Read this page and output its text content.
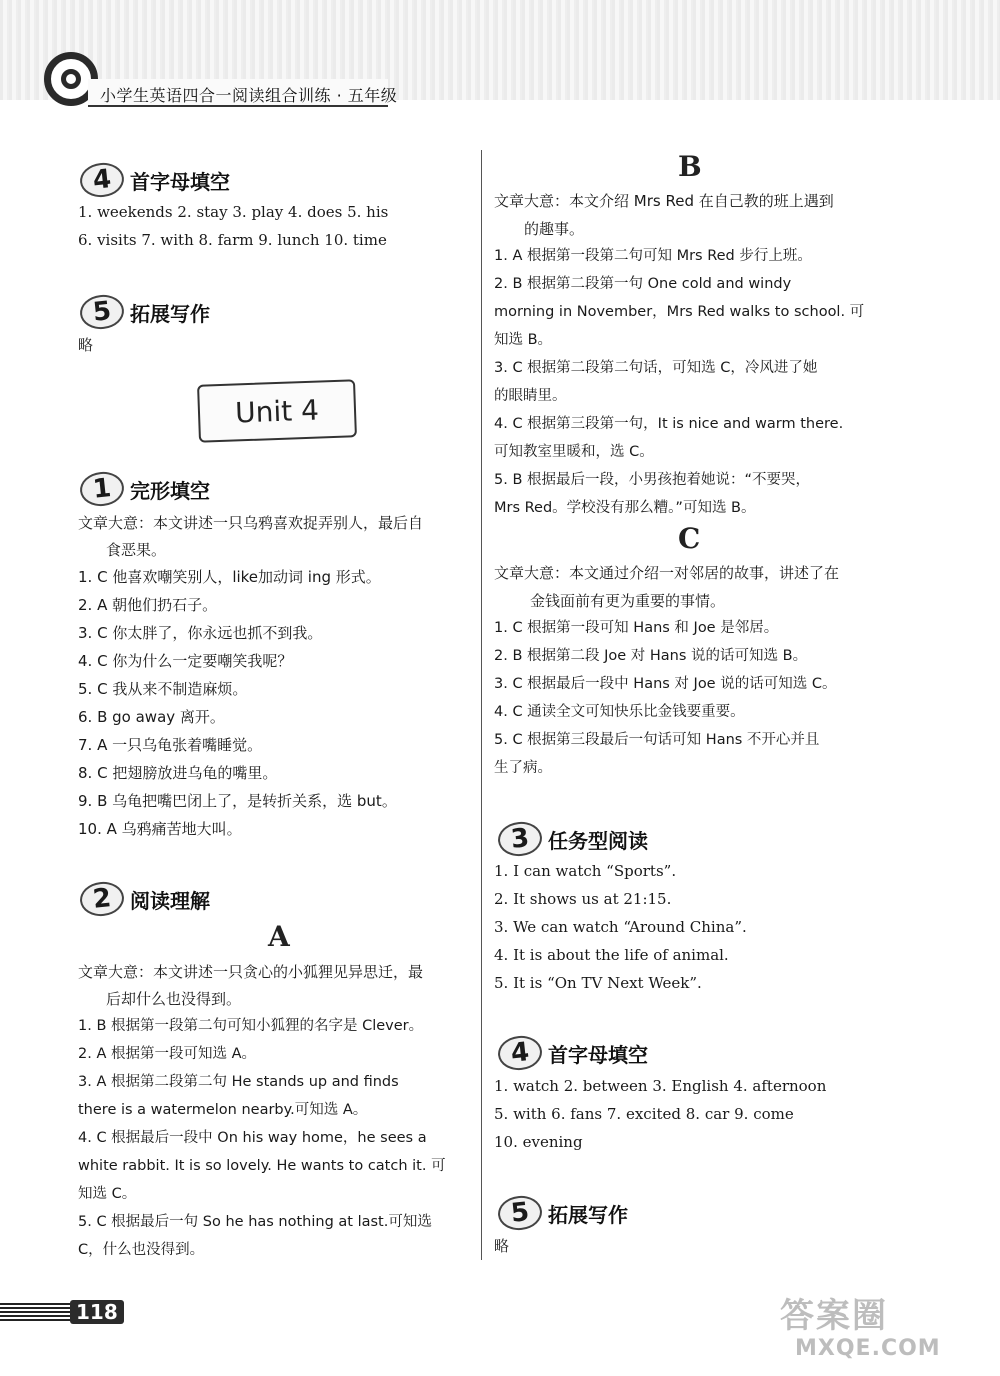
小学生英语四合一阅读组合训练 · 五年级
4 首字母填空
1. weekends 2. stay 3. play 4. does 5. his
6. visits 7. with 8. farm 9. lunch 10. time
5 拓展写作
略
Unit 4
1 完形填空
文章大意：本文讲述一只乌鸦喜欢捉弄别人，最后自
食恶果。
1. C 他喜欢嘲笑别人，like加动词 ing 形式。
2. A 朝他们扔石子。
3. C 你太胖了，你永远也抓不到我。
4. C 你为什么一定要嘲笑我呢？
5. C 我从来不制造麻烦。
6. B go away 离开。
7. A 一只乌龟张着嘴睡觉。
8. C 把翅膀放进乌龟的嘴里。
9. B 乌龟把嘴巴闭上了，是转折关系，选 but。
10. A 乌鸦痛苦地大叫。
2 阅读理解
A
文章大意：本文讲述一只贪心的小狐狸见异思迁，最
后却什么也没得到。
1. B 根据第一段第二句可知小狐狸的名字是 Clever。
2. A 根据第一段可知选 A。
3. A 根据第二段第二句 He stands up and finds
there is a watermelon nearby.可知选 A。
4. C 根据最后一段中 On his way home，he sees a
white rabbit. It is so lovely. He wants to catch it. 可
知选 C。
5. C 根据最后一句 So he has nothing at last.可知选
C，什么也没得到。
B
文章大意：本文介绍 Mrs Red 在自己教的班上遇到
的趣事。
1. A 根据第一段第二句可知 Mrs Red 步行上班。
2. B 根据第二段第一句 One cold and windy
morning in November，Mrs Red walks to school. 可
知选 B。
3. C 根据第二段第二句话，可知选 C，冷风进了她
的眼睛里。
4. C 根据第三段第一句，It is nice and warm there.
可知教室里暖和，选 C。
5. B 根据最后一段，小男孩抱着她说：“不要哭，
Mrs Red。学校没有那么糟。”可知选 B。
C
文章大意：本文通过介绍一对邻居的故事，讲述了在
金钱面前有更为重要的事情。
1. C 根据第一段可知 Hans 和 Joe 是邻居。
2. B 根据第二段 Joe 对 Hans 说的话可知选 B。
3. C 根据最后一段中 Hans 对 Joe 说的话可知选 C。
4. C 通读全文可知快乐比金钱要重要。
5. C 根据第三段最后一句话可知 Hans 不开心并且
生了病。
3 任务型阅读
1. I can watch “Sports”.
2. It shows us at 21:15.
3. We can watch “Around China”.
4. It is about the life of animal.
5. It is “On TV Next Week”.
4 首字母填空
1. watch 2. between 3. English 4. afternoon
5. with 6. fans 7. excited 8. car 9. come
10. evening
5 拓展写作
略
118	答案圈
MXQE.COM
